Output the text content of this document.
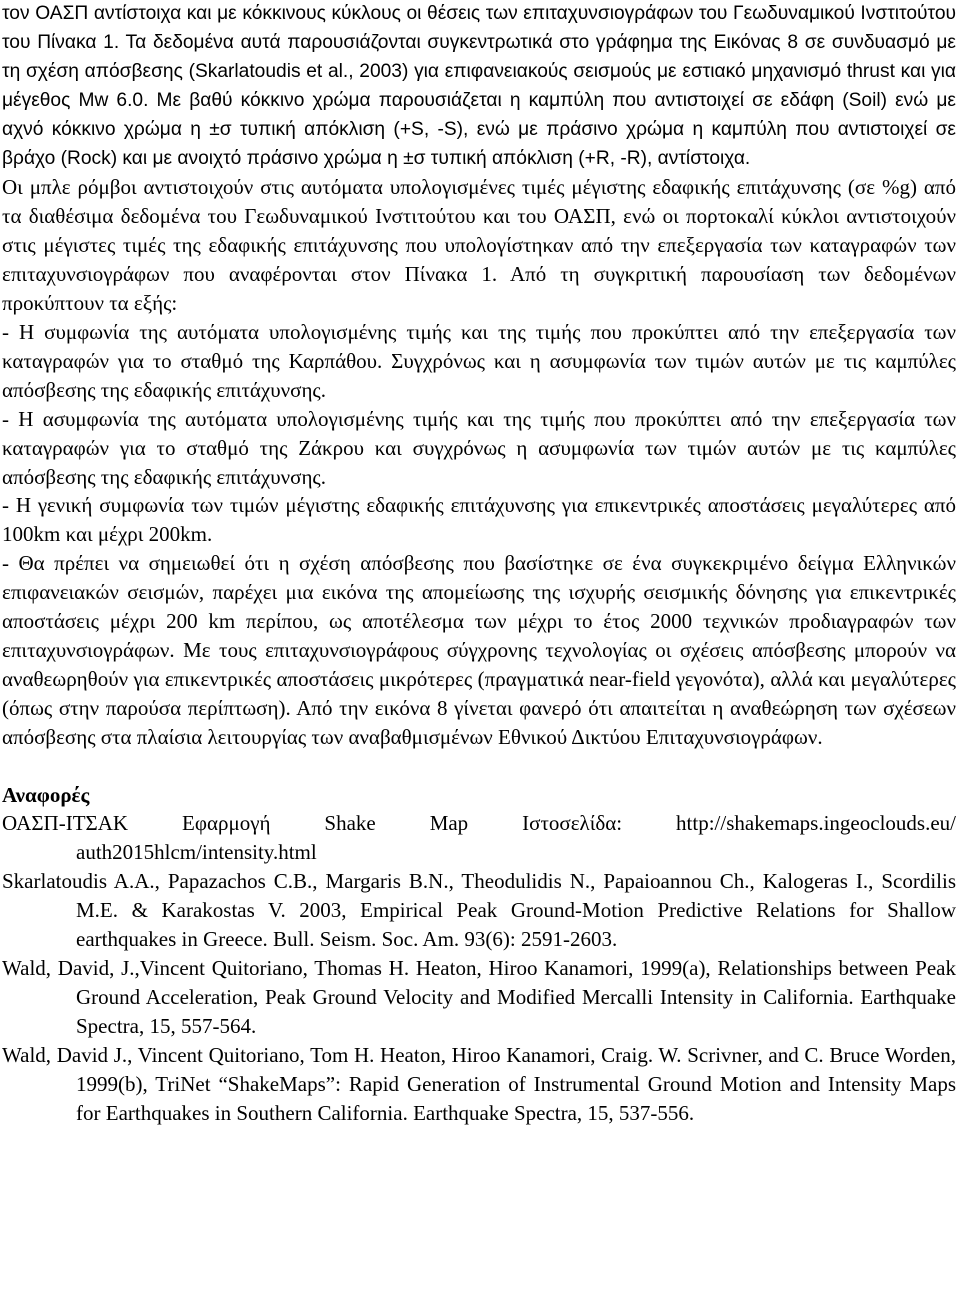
τον ΟΑΣΠ αντίστοιχα και με κόκκινους κύκλους οι θέσεις των επιταχυνσιογράφων του Γεωδυναμικού Ινστιτούτου του Πίνακα 1. Τα δεδομένα αυτά παρουσιάζονται συγκεντρωτικά στο γράφημα της Εικόνας 8 σε συνδυασμό με τη σχέση απόσβεσης (Skarlatoudis et al., 2003) για επιφανειακούς σεισμούς με εστιακό μηχανισμό thrust και για μέγεθος Mw 6.0. Με βαθύ κόκκινο χρώμα παρουσιάζεται η καμπύλη που αντιστοιχεί σε εδάφη (Soil) ενώ με αχνό κόκκινο χρώμα η ±σ τυπική απόκλιση (+S, -S), ενώ με πράσινο χρώμα η καμπύλη που αντιστοιχεί σε βράχο (Rock) και με ανοιχτό πράσινο χρώμα η ±σ τυπική απόκλιση (+R, -R), αντίστοιχα.

Οι μπλε ρόμβοι αντιστοιχούν στις αυτόματα υπολογισμένες τιμές μέγιστης εδαφικής επιτάχυνσης (σε %g) από τα διαθέσιμα δεδομένα του Γεωδυναμικού Ινστιτούτου και του ΟΑΣΠ, ενώ οι πορτοκαλί κύκλοι αντιστοιχούν στις μέγιστες τιμές της εδαφικής επιτάχυνσης που υπολογίστηκαν από την επεξεργασία των καταγραφών των επιταχυνσιογράφων που αναφέρονται στον Πίνακα 1. Από τη συγκριτική παρουσίαση των δεδομένων προκύπτουν τα εξής:

- Η συμφωνία της αυτόματα υπολογισμένης τιμής και της τιμής που προκύπτει από την επεξεργασία των καταγραφών για το σταθμό της Καρπάθου. Συγχρόνως και η ασυμφωνία των τιμών αυτών με τις καμπύλες απόσβεσης της εδαφικής επιτάχυνσης.

- Η ασυμφωνία της αυτόματα υπολογισμένης τιμής και της τιμής που προκύπτει από την επεξεργασία των καταγραφών για το σταθμό της Ζάκρου και συγχρόνως η ασυμφωνία των τιμών αυτών με τις καμπύλες απόσβεσης της εδαφικής επιτάχυνσης.

- Η γενική συμφωνία των τιμών μέγιστης εδαφικής επιτάχυνσης για επικεντρικές αποστάσεις μεγαλύτερες από 100km και μέχρι 200km.

- Θα πρέπει να σημειωθεί ότι η σχέση απόσβεσης που βασίστηκε σε ένα συγκεκριμένο δείγμα Ελληνικών επιφανειακών σεισμών, παρέχει μια εικόνα της απομείωσης της ισχυρής σεισμικής δόνησης για επικεντρικές αποστάσεις μέχρι 200 km περίπου, ως αποτέλεσμα των μέχρι το έτος 2000 τεχνικών προδιαγραφών των επιταχυνσιογράφων. Με τους επιταχυνσιογράφους σύγχρονης τεχνολογίας οι σχέσεις απόσβεσης μπορούν να αναθεωρηθούν για επικεντρικές αποστάσεις μικρότερες (πραγματικά near-field γεγονότα), αλλά και μεγαλύτερες (όπως στην παρούσα περίπτωση). Από την εικόνα 8 γίνεται φανερό ότι απαιτείται η αναθεώρηση των σχέσεων απόσβεσης στα πλαίσια λειτουργίας των αναβαθμισμένων Εθνικού Δικτύου Επιταχυνσιογράφων.

Αναφορές

ΟΑΣΠ-ΙΤΣΑΚ Εφαρμογή Shake Map Ιστοσελίδα: http://shakemaps.ingeoclouds.eu/ auth2015hlcm/intensity.html

Skarlatoudis A.A., Papazachos C.B., Margaris B.N., Theodulidis N., Papaioannou Ch., Kalogeras I., Scordilis M.E. & Karakostas V. 2003, Empirical Peak Ground-Motion Predictive Relations for Shallow earthquakes in Greece. Bull. Seism. Soc. Am. 93(6): 2591-2603.

Wald, David, J.,Vincent Quitoriano, Thomas H. Heaton, Hiroo Kanamori, 1999(a), Relationships between Peak Ground Acceleration, Peak Ground Velocity and Modified Mercalli Intensity in California. Earthquake Spectra, 15, 557-564.

Wald, David J., Vincent Quitoriano, Tom H. Heaton, Hiroo Kanamori, Craig. W. Scrivner, and C. Bruce Worden, 1999(b), TriNet “ShakeMaps”: Rapid Generation of Instrumental Ground Motion and Intensity Maps for Earthquakes in Southern California. Earthquake Spectra, 15, 537-556.
